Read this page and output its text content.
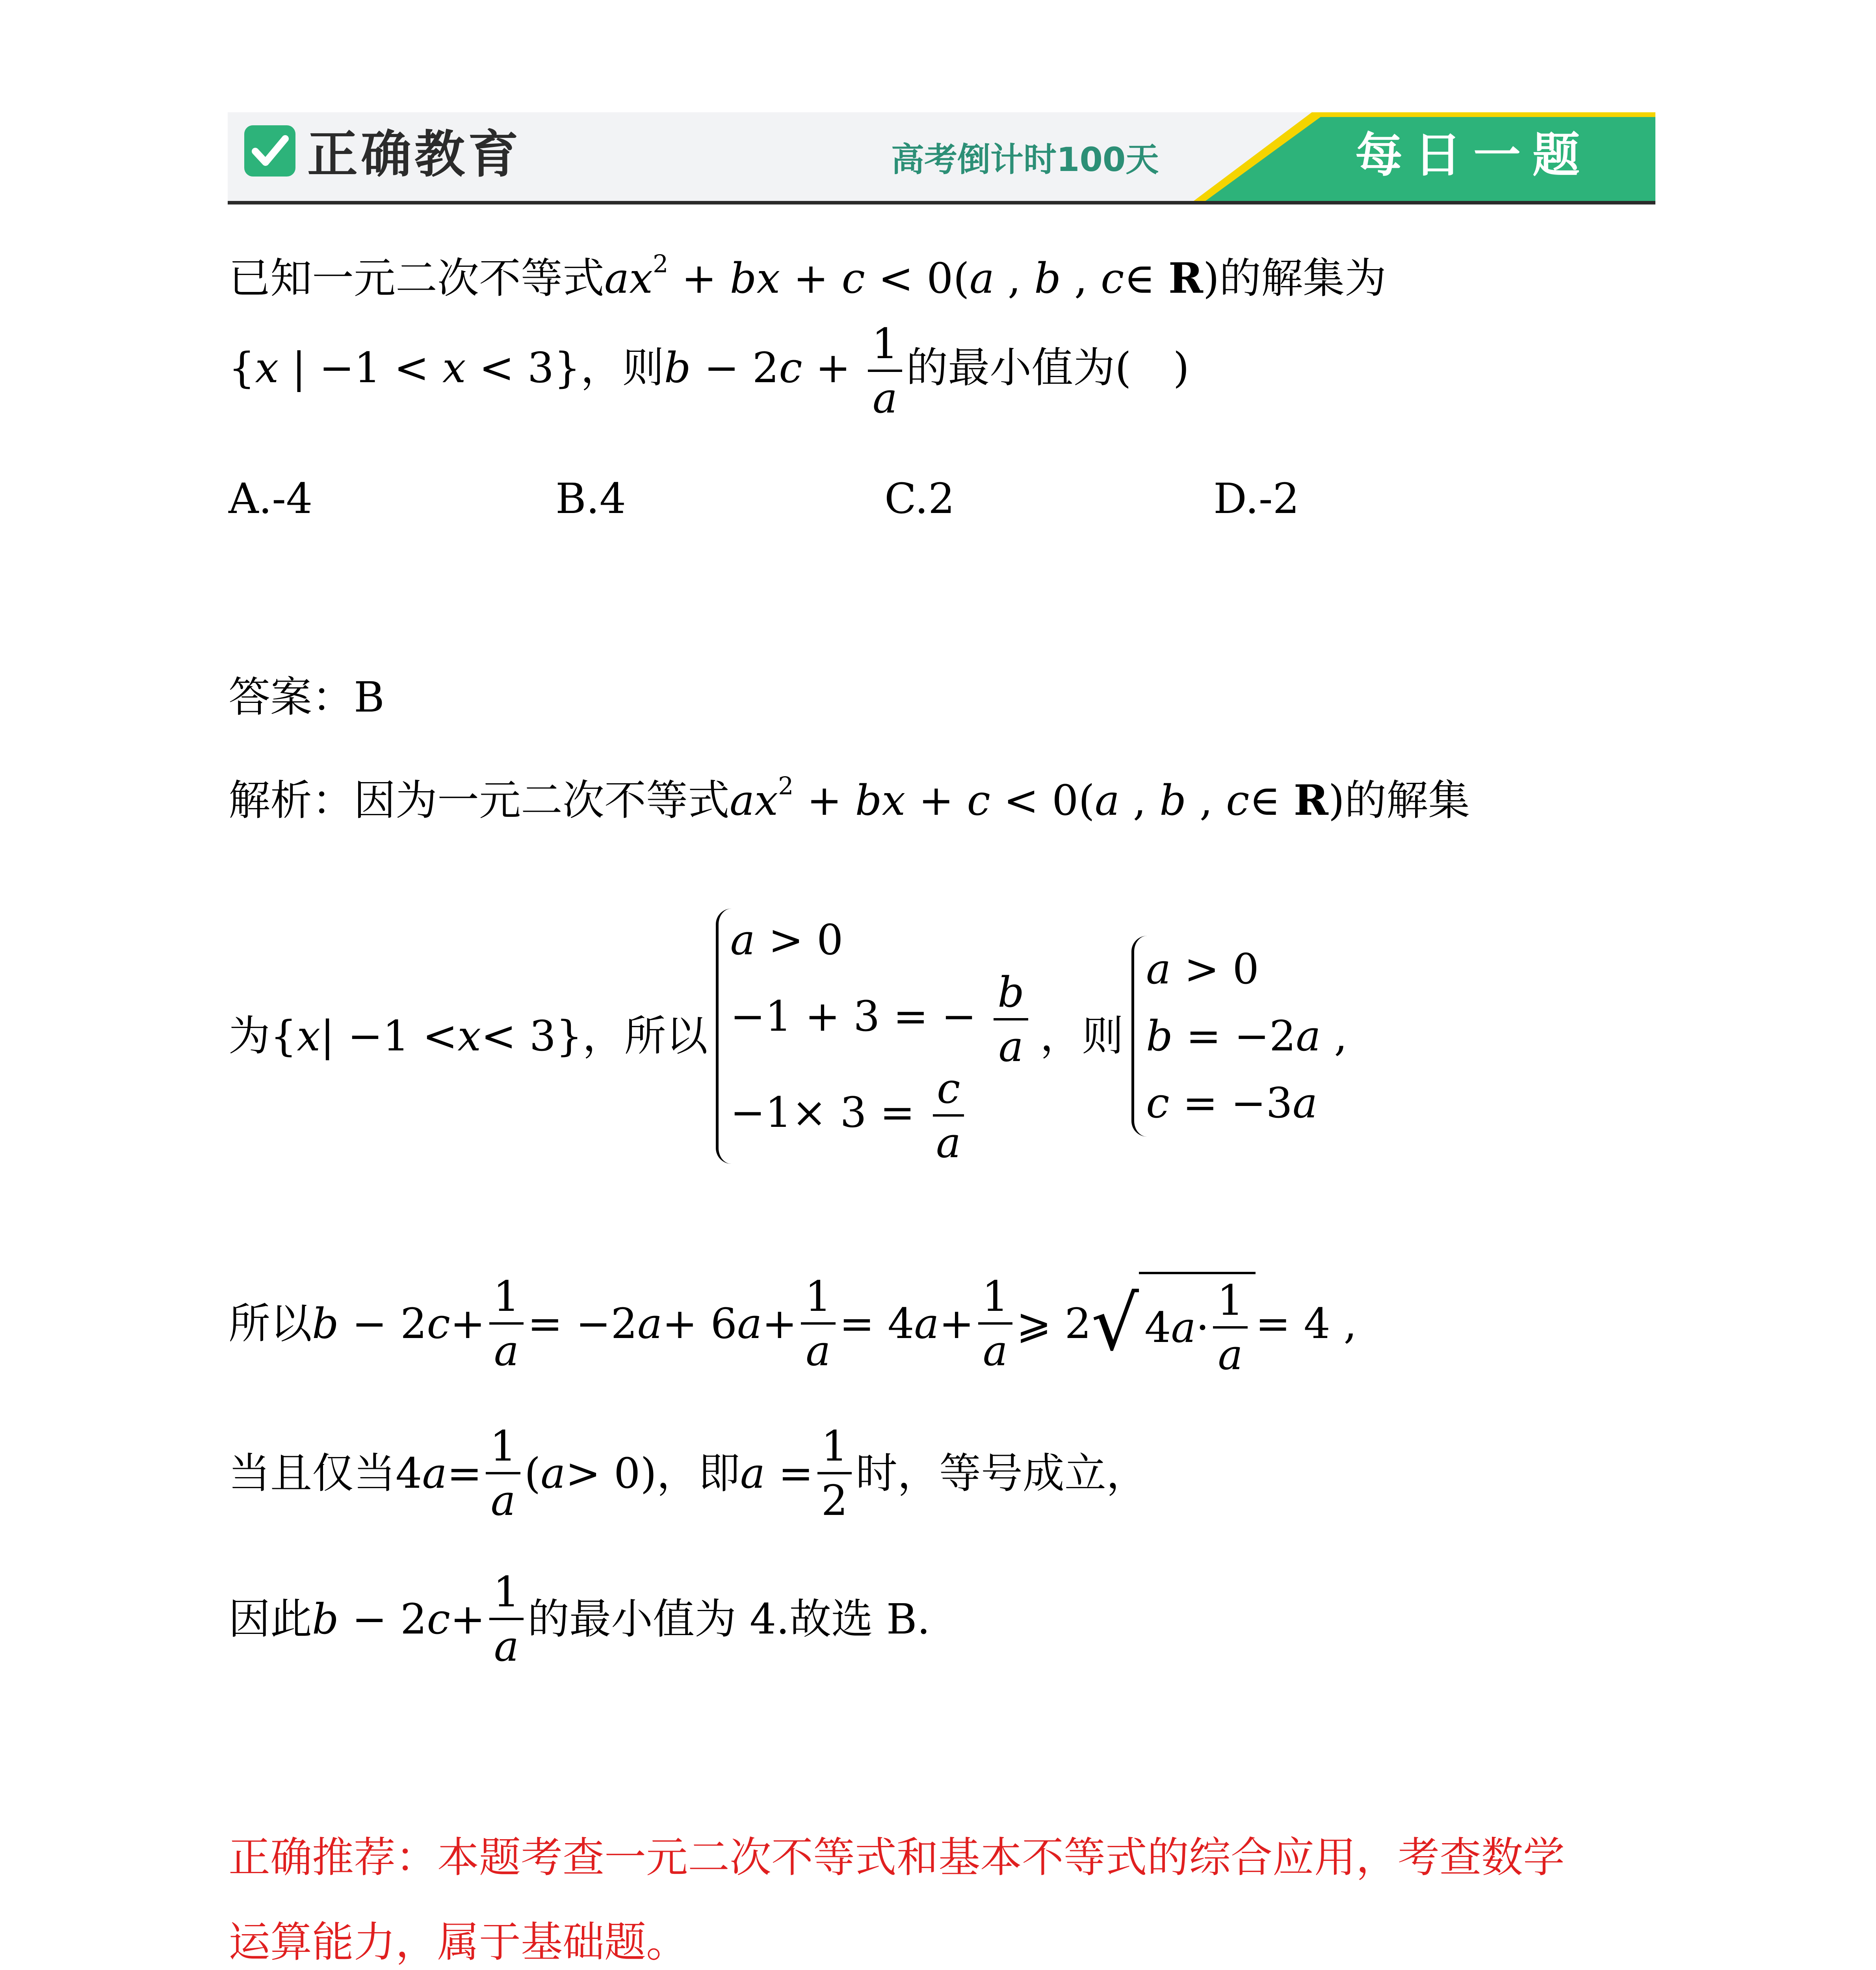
正确教育	高考倒计时100天	每日一题
已知一元二次不等式$ax^2$ + bx + c < 0(a , b , c∈ R)的解集为
{x | −1 < x < 3}，则$b - 2c + \frac{1}{a}$ 的最小值为(　)
A.-4	B.4	C.2	D.-2
答案：B
解析：因为一元二次不等式$ax^2$ + bx + c < 0(a , b , c∈ R)的解集
为 { x | −1 < x < 3} ，所以
a > 0
−1 + 3 = − $\frac{b}{a}$
$-1\times 3 = \frac{c}{a}$
，则
a > 0
b = −2a ,
c = −3a
所以 b − 2 $c + \frac{1}{a} = -2$ a + 6 $a + \frac{1}{a} = 4$ $a + \frac{1}{a}$ ⩾ 2 √ 4 $a \cdot \frac{1}{a} = 4$ ,
当且仅当 4 $a = \frac{1}{a}$ ( a > 0) ，即 $a = \frac{1}{2}$ 时，等号成立，
因此 b − 2 $c + \frac{1}{a}$ 的最小值为 4.故选 B.
正确推荐：本题考查一元二次不等式和基本不等式的综合应用，考查数学
运算能力，属于基础题。
